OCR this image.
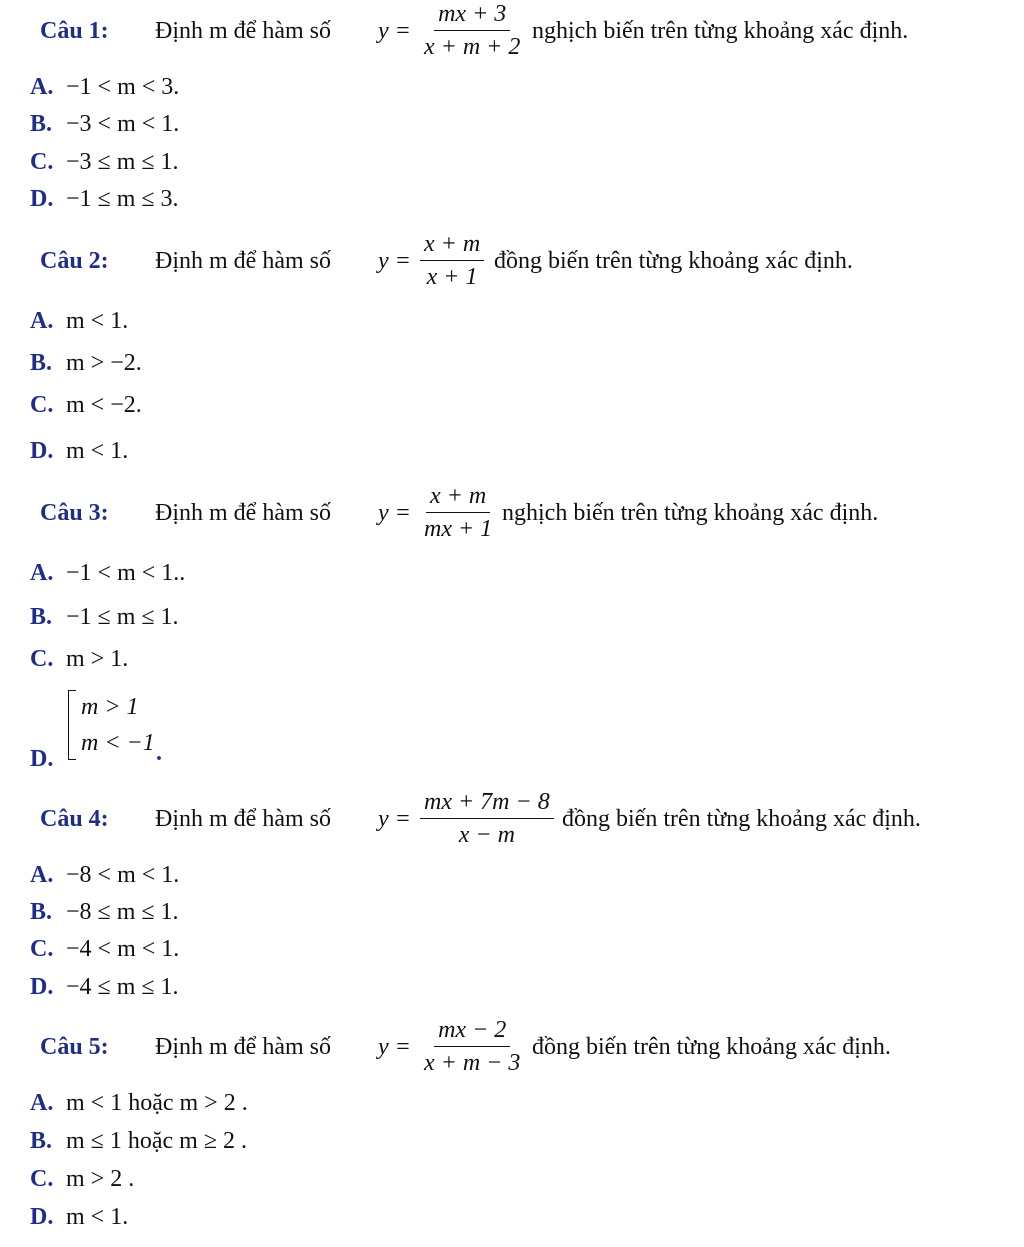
Câu 1: Định m để hàm số $y = \frac{mx + 3}{x + m + 2}$ nghịch biến trên từng khoảng xác định.
A. −1 < m < 3.
B. −3 < m < 1.
C. −3 ≤ m ≤ 1.
D. −1 ≤ m ≤ 3.
Câu 2: Định m để hàm số $y = \frac{x + m}{x + 1}$ đồng biến trên từng khoảng xác định.
A. m < 1.
B. m > −2.
C. m < −2.
D. m < 1.
Câu 3: Định m để hàm số $y = \frac{x + m}{mx + 1}$ nghịch biến trên từng khoảng xác định.
A. −1 < m < 1..
B. −1 ≤ m ≤ 1.
C. m > 1.
D.
m > 1
m < −1 .
Câu 4: Định m để hàm số $y = \frac{mx + 7m - 8}{x - m}$ đồng biến trên từng khoảng xác định.
A. −8 < m < 1.
B. −8 ≤ m ≤ 1.
C. −4 < m < 1.
D. −4 ≤ m ≤ 1.
Câu 5: Định m để hàm số $y = \frac{mx - 2}{x + m - 3}$ đồng biến trên từng khoảng xác định.
A. m < 1 hoặc m > 2 .
B. m ≤ 1 hoặc m ≥ 2 .
C. m > 2 .
D. m < 1.
